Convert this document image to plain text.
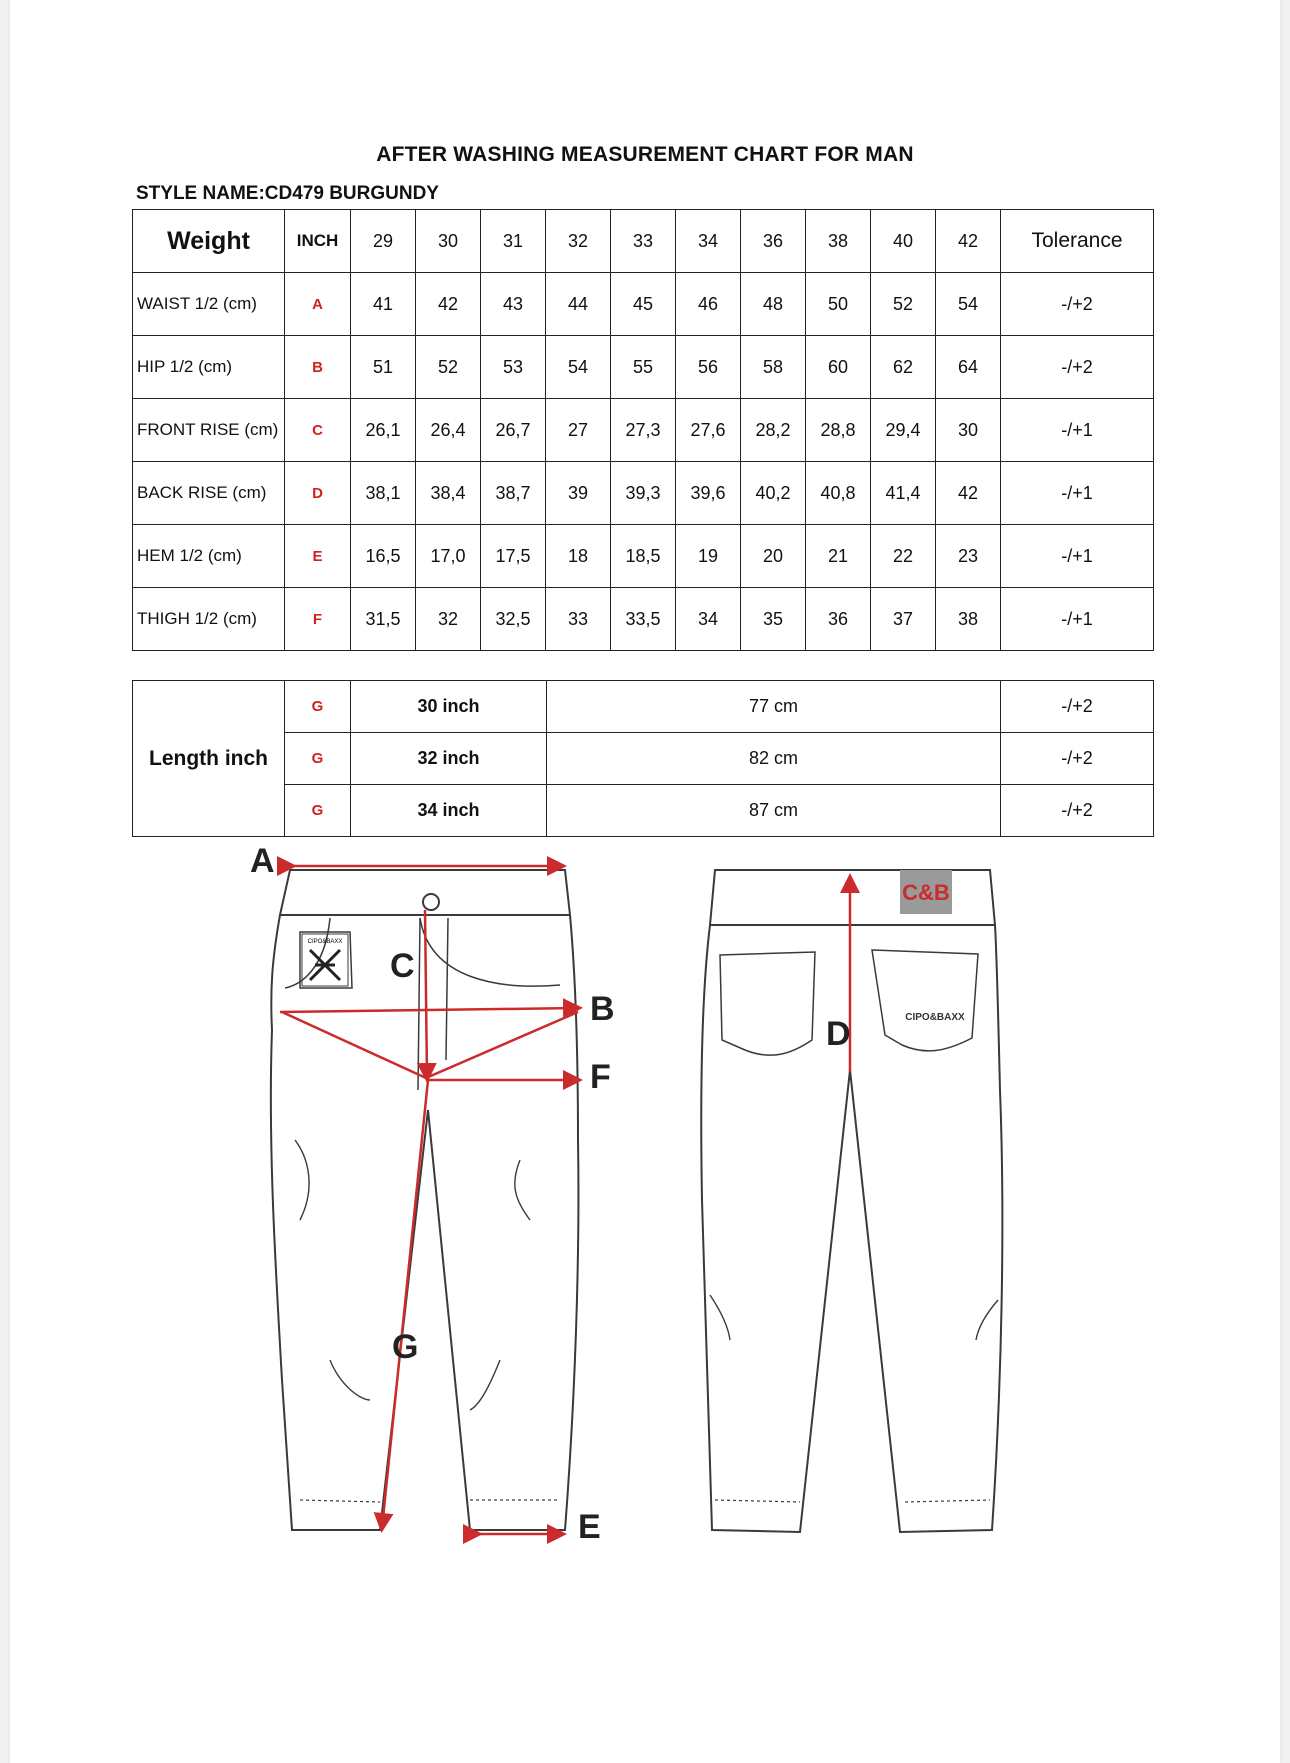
AFTER WASHING MEASUREMENT CHART FOR MAN
STYLE NAME:CD479 BURGUNDY
Weight	INCH	29	30	31	32	33	34	36	38	40	42	Tolerance
WAIST 1/2 (cm)	A	41	42	43	44	45	46	48	50	52	54	-/+2
HIP 1/2 (cm)	B	51	52	53	54	55	56	58	60	62	64	-/+2
FRONT RISE (cm)	C	26,1	26,4	26,7	27	27,3	27,6	28,2	28,8	29,4	30	-/+1
BACK RISE (cm)	D	38,1	38,4	38,7	39	39,3	39,6	40,2	40,8	41,4	42	-/+1
HEM 1/2 (cm)	E	16,5	17,0	17,5	18	18,5	19	20	21	22	23	-/+1
THIGH 1/2 (cm)	F	31,5	32	32,5	33	33,5	34	35	36	37	38	-/+1
Length inch	G	30 inch	77 cm	-/+2
	G	32 inch	82 cm	-/+2
	G	34 inch	87 cm	-/+2
CIPO&BAXX
A
C
B
F
G
E
C&B
CIPO&BAXX
D
